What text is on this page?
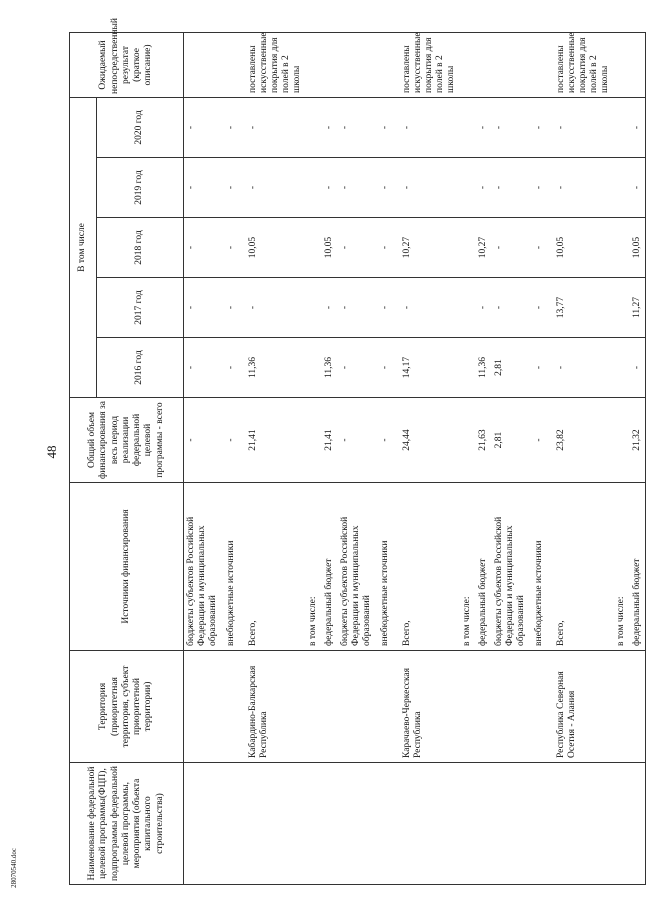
48
28070540.doc	Наименование федеральной целевой программы(ФЦП), подпрограммы федеральной целевой программы, мероприятия (объекта капитального строительства)	Территория (приоритетная территория, субъект приоритетной территории)	Источники финансирования	Общий объем финансирования за весь период реализации федеральной целевой программы - всего	В том числе					Ожидаемый непосредственный результат (краткое описание)
				2016 год	2017 год	2018 год	2019 год	2020 год	
		бюджеты субъектов Российской Федерации и муниципальных образований	-	-	-	-	-	-	
		внебюджетные источники	-	-	-	-	-	-	
	Кабардино-Балкарская Республика	Всего,	21,41	11,36	-	10,05	-	-	поставлены искусственные покрытия для полей в 2 школы
		в том числе:							
		федеральный бюджет	21,41	11,36	-	10,05	-	-	
		бюджеты субъектов Российской Федерации и муниципальных образований	-	-	-	-	-	-	
		внебюджетные источники	-	-	-	-	-	-	
	Карачаево-Черкесская Республика	Всего,	24,44	14,17	-	10,27	-	-	поставлены искусственные покрытия для полей в 2 школы
		в том числе:							
		федеральный бюджет	21,63	11,36	-	10,27	-	-	
		бюджеты субъектов Российской Федерации и муниципальных образований	2,81	2,81	-	-	-	-	
		внебюджетные источники	-	-	-	-	-	-	
	Республика Северная Осетия - Алания	Всего,	23,82	-	13,77	10,05	-	-	поставлены искусственные покрытия для полей в 2 школы
		в том числе:							
		федеральный бюджет	21,32	-	11,27	10,05	-	-	
